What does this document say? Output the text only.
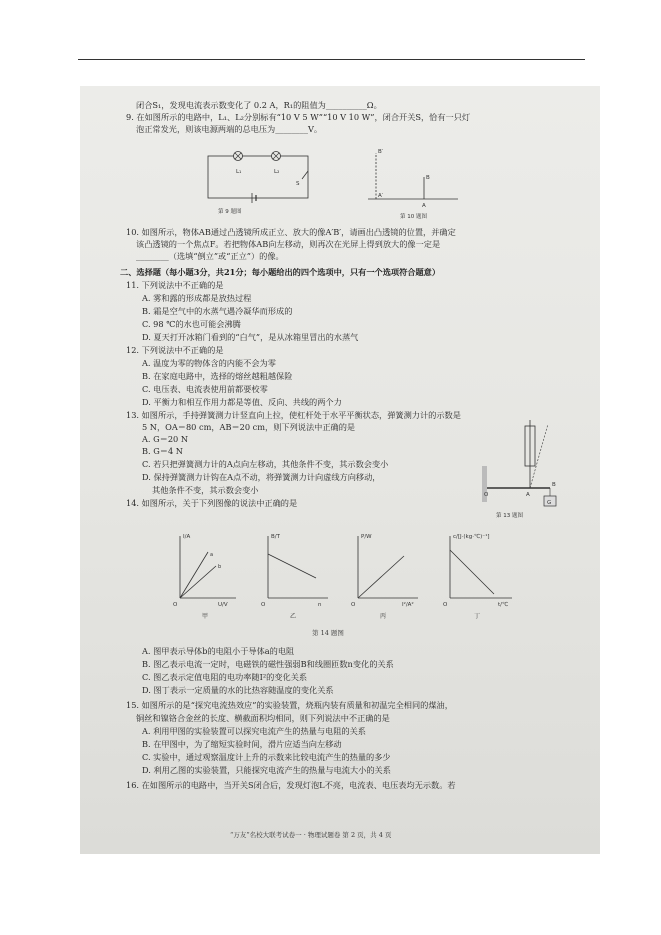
闭合S₁，发现电流表示数变化了 0.2 A，R₁的阻值为__________Ω。
9. 在如图所示的电路中，L₁、L₂分别标有“10 V 5 W”“10 V 10 W”，闭合开关S，恰有一只灯
泡正常发光，则该电源两端的总电压为________V。
L₁	L₂
S
第 9 题图
B′
A′
B
A
第 10 题图
10. 如图所示，物体AB通过凸透镜所成正立、放大的像A′B′，请画出凸透镜的位置，并确定
该凸透镜的一个焦点F。若把物体AB向左移动，则再次在光屏上得到放大的像一定是
________（选填“倒立”或“正立”）的像。
二、选择题（每小题3分，共21分；每小题给出的四个选项中，只有一个选项符合题意）
11. 下列说法中不正确的是
A. 雾和露的形成都是放热过程
B. 霜是空气中的水蒸气遇冷凝华而形成的
C. 98 ℃的水也可能会沸腾
D. 夏天打开冰箱门看到的“白气”，是从冰箱里冒出的水蒸气
12. 下列说法中不正确的是
A. 温度为零的物体含的内能不会为零
B. 在家庭电路中，选择的熔丝越粗越保险
C. 电压表、电流表使用前都要校零
D. 平衡力和相互作用力都是等值、反向、共线的两个力
13. 如图所示，手持弹簧测力计竖直向上拉，使杠杆处于水平平衡状态，弹簧测力计的示数是
5 N，OA＝80 cm，AB＝20 cm，则下列说法中正确的是
A. G＝20 N
B. G＝4 N
C. 若只把弹簧测力计的A点向左移动，其他条件不变，其示数会变小
D. 保持弹簧测力计钩在A点不动，将弹簧测力计向虚线方向移动，
其他条件不变，其示数会变小	O	A
B
G
第 13 题图
14. 如图所示，关于下列图像的说法中正确的是
I/A
U/V
O
a
b
甲
B/T
n
O
乙
P/W
I²/A²
O
丙
c/[J·(kg·℃)⁻¹]
t/℃
O
丁
第 14 题图
A. 图甲表示导体b的电阻小于导体a的电阻
B. 图乙表示电流一定时，电磁铁的磁性强弱B和线圈匝数n变化的关系
C. 图乙表示定值电阻的电功率随I²的变化关系
D. 图丁表示一定质量的水的比热容随温度的变化关系
15. 如图所示的是“探究电流热效应”的实验装置，烧瓶内装有质量和初温完全相同的煤油，
铜丝和镍铬合金丝的长度、横截面积均相同，则下列说法中不正确的是
A. 利用甲图的实验装置可以探究电流产生的热量与电阻的关系
B. 在甲图中，为了缩短实验时间，滑片应适当向左移动
C. 实验中，通过观察温度计上升的示数来比较电流产生的热量的多少
D. 利用乙图的实验装置，只能探究电流产生的热量与电流大小的关系
16. 在如图所示的电路中，当开关S闭合后，发现灯泡L不亮，电流表、电压表均无示数。若
“万友”名校大联考试卷一 · 物理试题卷 第 2 页，共 4 页
